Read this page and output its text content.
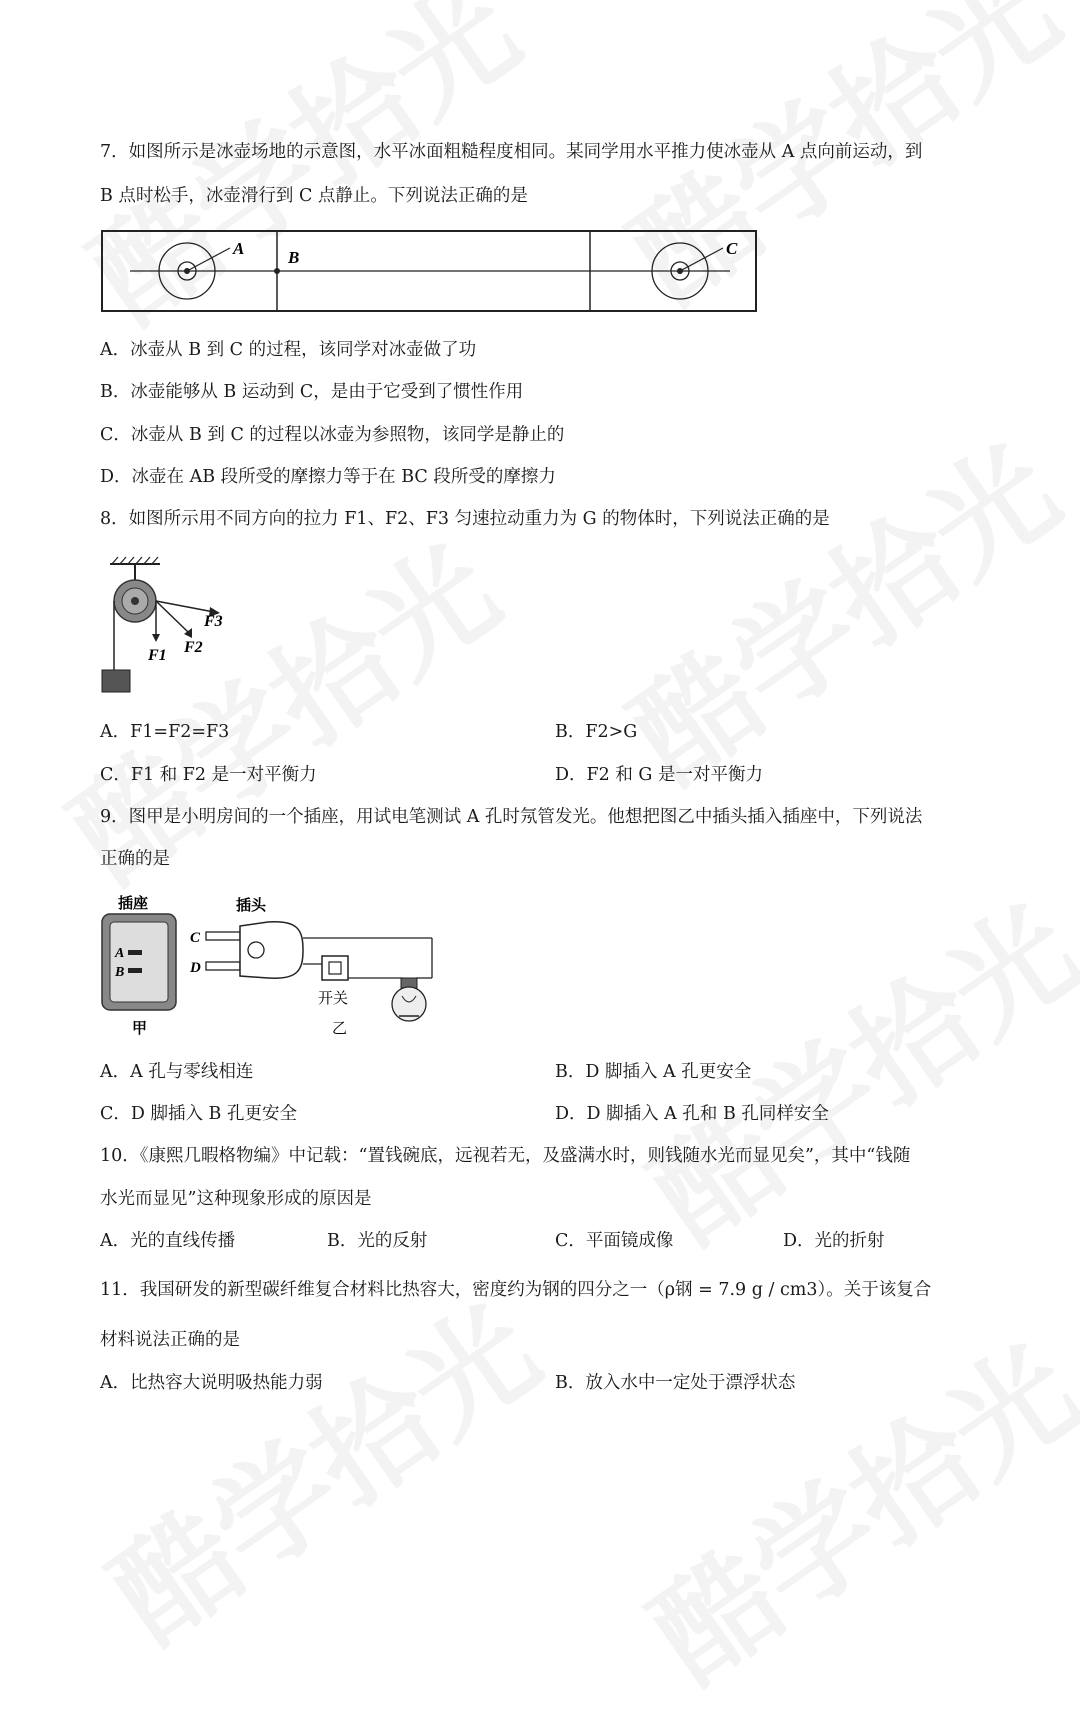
7．如图所示是冰壶场地的示意图，水平冰面粗糙程度相同。某同学用水平推力使冰壶从 A 点向前运动，到
B 点时松手，冰壶滑行到 C 点静止。下列说法正确的是
A	B	C
A．冰壶从 B 到 C 的过程，该同学对冰壶做了功
B．冰壶能够从 B 运动到 C，是由于它受到了惯性作用
C．冰壶从 B 到 C 的过程以冰壶为参照物，该同学是静止的
D．冰壶在 AB 段所受的摩擦力等于在 BC 段所受的摩擦力
8．如图所示用不同方向的拉力 F1、F2、F3 匀速拉动重力为 G 的物体时，下列说法正确的是
F1 F2
F3
A．F1=F2=F3	B．F2>G
C．F1 和 F2 是一对平衡力	D．F2 和 G 是一对平衡力
9．图甲是小明房间的一个插座，用试电笔测试 A 孔时氖管发光。他想把图乙中插头插入插座中，下列说法
正确的是
插座
A
B
甲
插头
C
D
开关
乙
A．A 孔与零线相连	B．D 脚插入 A 孔更安全
C．D 脚插入 B 孔更安全	D．D 脚插入 A 孔和 B 孔同样安全
10．《康熙几暇格物编》中记载：“置钱碗底，远视若无，及盛满水时，则钱随水光而显见矣”，其中“钱随
水光而显见”这种现象形成的原因是
A．光的直线传播	B．光的反射	C．平面镜成像	D．光的折射
11．我国研发的新型碳纤维复合材料比热容大，密度约为钢的四分之一（ρ钢 = 7.9 g / cm3）。关于该复合
材料说法正确的是
A．比热容大说明吸热能力弱	B．放入水中一定处于漂浮状态
